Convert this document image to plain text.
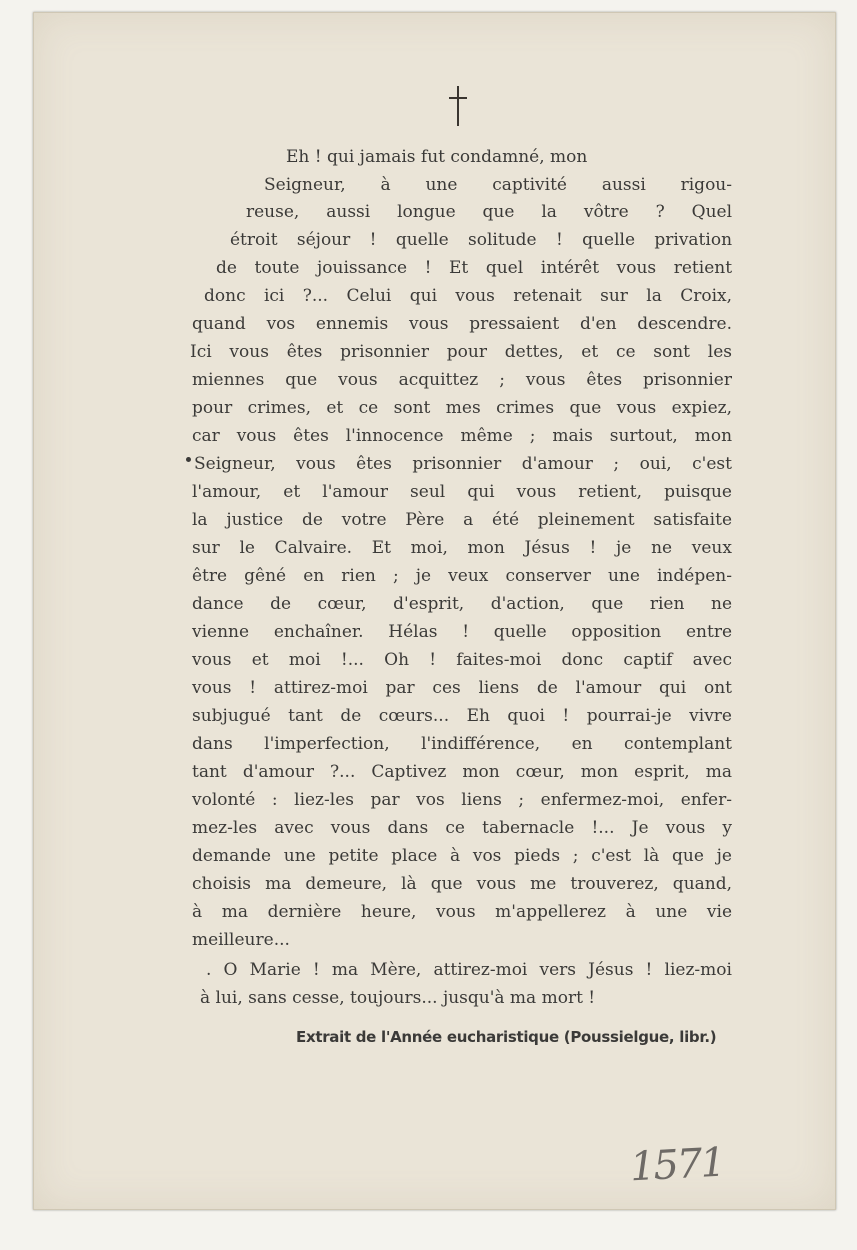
Eh ! qui jamais fut condamné, mon
Seigneur, à une captivité aussi rigou-
reuse, aussi longue que la vôtre ? Quel
étroit séjour ! quelle solitude ! quelle privation
de toute jouissance ! Et quel intérêt vous retient
donc ici ?... Celui qui vous retenait sur la Croix,
quand vos ennemis vous pressaient d'en descendre.
Ici vous êtes prisonnier pour dettes, et ce sont les
miennes que vous acquittez ; vous êtes prisonnier
pour crimes, et ce sont mes crimes que vous expiez,
car vous êtes l'innocence même ; mais surtout, mon
Seigneur, vous êtes prisonnier d'amour ; oui, c'est
l'amour, et l'amour seul qui vous retient, puisque
la justice de votre Père a été pleinement satisfaite
sur le Calvaire. Et moi, mon Jésus ! je ne veux
être gêné en rien ; je veux conserver une indépen-
dance de cœur, d'esprit, d'action, que rien ne
vienne enchaîner. Hélas ! quelle opposition entre
vous et moi !... Oh ! faites-moi donc captif avec
vous ! attirez-moi par ces liens de l'amour qui ont
subjugué tant de cœurs... Eh quoi ! pourrai-je vivre
dans l'imperfection, l'indifférence, en contemplant
tant d'amour ?... Captivez mon cœur, mon esprit, ma
volonté : liez-les par vos liens ; enfermez-moi, enfer-
mez-les avec vous dans ce tabernacle !... Je vous y
demande une petite place à vos pieds ; c'est là que je
choisis ma demeure, là que vous me trouverez, quand,
à ma dernière heure, vous m'appellerez à une vie
meilleure...
. O Marie ! ma Mère, attirez-moi vers Jésus ! liez-moi
à lui, sans cesse, toujours... jusqu'à ma mort !
Extrait de l'Année eucharistique (Poussielgue, libr.)
1571
